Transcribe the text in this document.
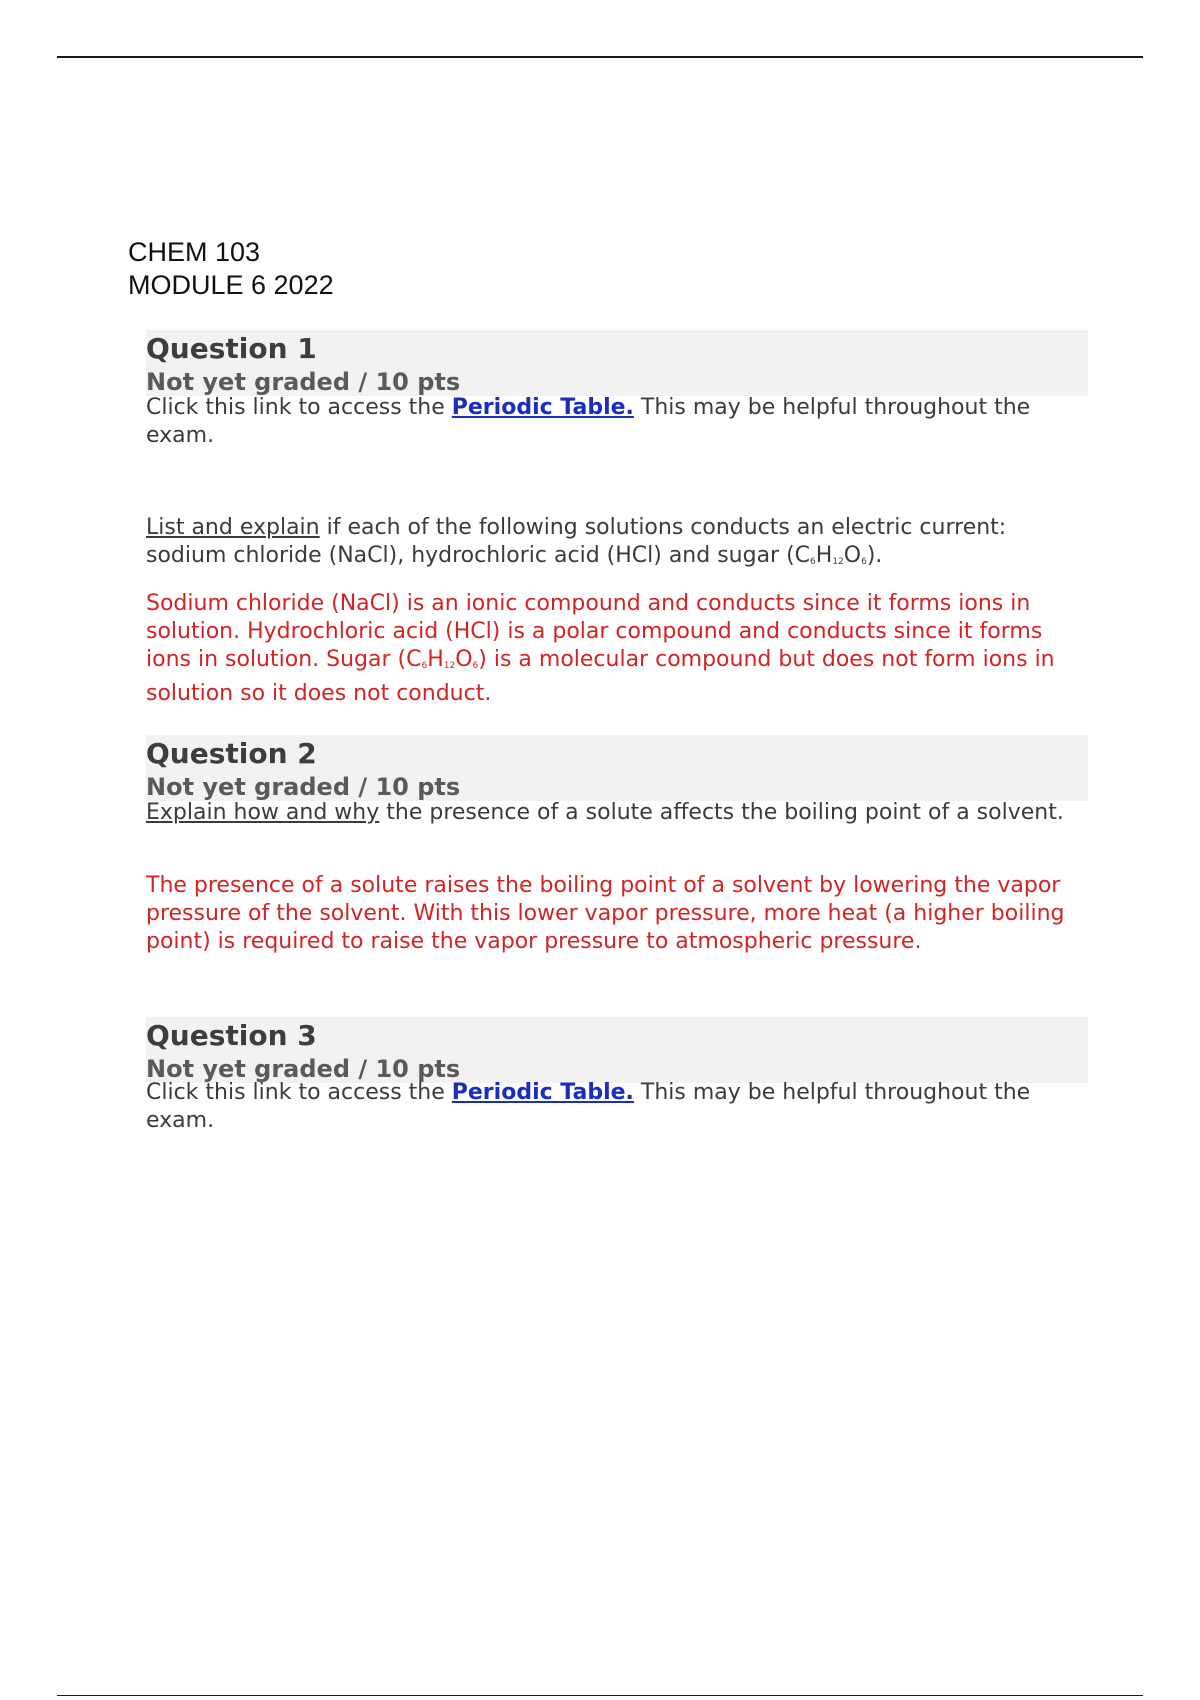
CHEM 103
MODULE 6 2022
Question 1
Not yet graded / 10 pts

Click this link to access the Periodic Table. This may be helpful throughout the exam.

List and explain if each of the following solutions conducts an electric current: sodium chloride (NaCl), hydrochloric acid (HCl) and sugar $(C_6H_{12}O_6)$.

Sodium chloride (NaCl) is an ionic compound and conducts since it forms ions in solution. Hydrochloric acid (HCl) is a polar compound and conducts since it forms ions in solution. Sugar $(C_6H_{12}O_6)$ is a molecular compound but does not form ions in solution so it does not conduct.

Question 2
Not yet graded / 10 pts

Explain how and why the presence of a solute affects the boiling point of a solvent.

The presence of a solute raises the boiling point of a solvent by lowering the vapor pressure of the solvent. With this lower vapor pressure, more heat (a higher boiling point) is required to raise the vapor pressure to atmospheric pressure.
Question 3
Not yet graded / 10 pts

Click this link to access the Periodic Table. This may be helpful throughout the exam.
